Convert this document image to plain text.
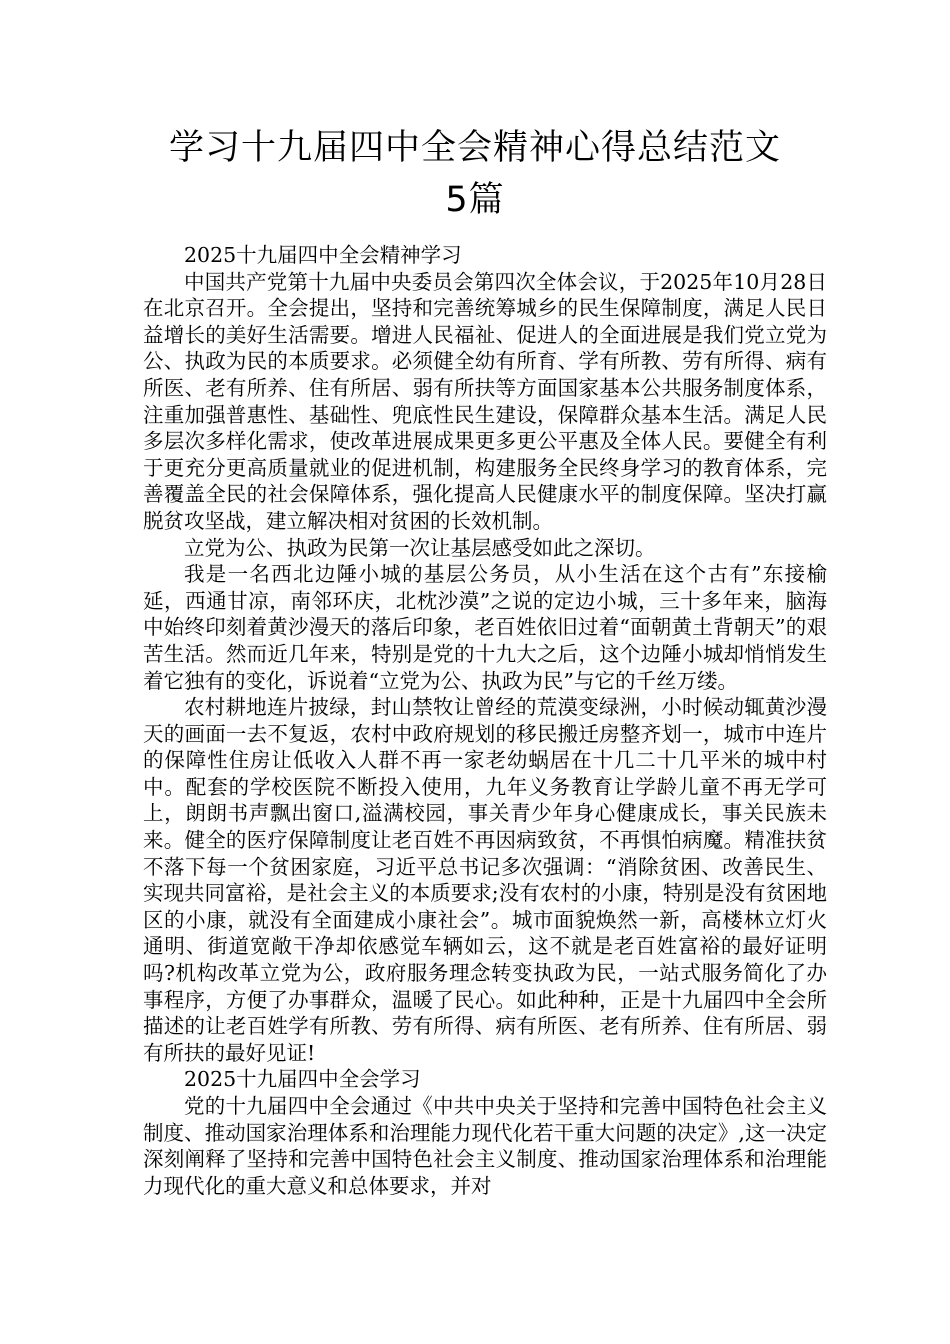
学习十九届四中全会精神心得总结范文
5篇

2025十九届四中全会精神学习

中国共产党第十九届中央委员会第四次全体会议，于2025年10月28日在北京召开。全会提出，坚持和完善统筹城乡的民生保障制度，满足人民日益增长的美好生活需要。增进人民福祉、促进人的全面进展是我们党立党为公、执政为民的本质要求。必须健全幼有所育、学有所教、劳有所得、病有所医、老有所养、住有所居、弱有所扶等方面国家基本公共服务制度体系，注重加强普惠性、基础性、兜底性民生建设，保障群众基本生活。满足人民多层次多样化需求，使改革进展成果更多更公平惠及全体人民。要健全有利于更充分更高质量就业的促进机制，构建服务全民终身学习的教育体系，完善覆盖全民的社会保障体系，强化提高人民健康水平的制度保障。坚决打赢脱贫攻坚战，建立解决相对贫困的长效机制。

立党为公、执政为民第一次让基层感受如此之深切。

我是一名西北边陲小城的基层公务员，从小生活在这个古有”东接榆延，西通甘凉，南邻环庆，北枕沙漠”之说的定边小城，三十多年来，脑海中始终印刻着黄沙漫天的落后印象，老百姓依旧过着“面朝黄土背朝天”的艰苦生活。然而近几年来，特别是党的十九大之后，这个边陲小城却悄悄发生着它独有的变化，诉说着“立党为公、执政为民”与它的千丝万缕。

农村耕地连片披绿，封山禁牧让曾经的荒漠变绿洲，小时候动辄黄沙漫天的画面一去不复返，农村中政府规划的移民搬迁房整齐划一，城市中连片的保障性住房让低收入人群不再一家老幼蜗居在十几二十几平米的城中村中。配套的学校医院不断投入使用，九年义务教育让学龄儿童不再无学可上，朗朗书声飘出窗口,溢满校园，事关青少年身心健康成长，事关民族未来。健全的医疗保障制度让老百姓不再因病致贫，不再惧怕病魔。精准扶贫不落下每一个贫困家庭，习近平总书记多次强调：“消除贫困、改善民生、实现共同富裕，是社会主义的本质要求;没有农村的小康，特别是没有贫困地区的小康，就没有全面建成小康社会”。城市面貌焕然一新，高楼林立灯火通明、街道宽敞干净却依感觉车辆如云，这不就是老百姓富裕的最好证明吗?机构改革立党为公，政府服务理念转变执政为民，一站式服务简化了办事程序，方便了办事群众，温暖了民心。如此种种，正是十九届四中全会所描述的让老百姓学有所教、劳有所得、病有所医、老有所养、住有所居、弱有所扶的最好见证!

2025十九届四中全会学习

党的十九届四中全会通过《中共中央关于坚持和完善中国特色社会主义制度、推动国家治理体系和治理能力现代化若干重大问题的决定》,这一决定深刻阐释了坚持和完善中国特色社会主义制度、推动国家治理体系和治理能力现代化的重大意义和总体要求，并对
